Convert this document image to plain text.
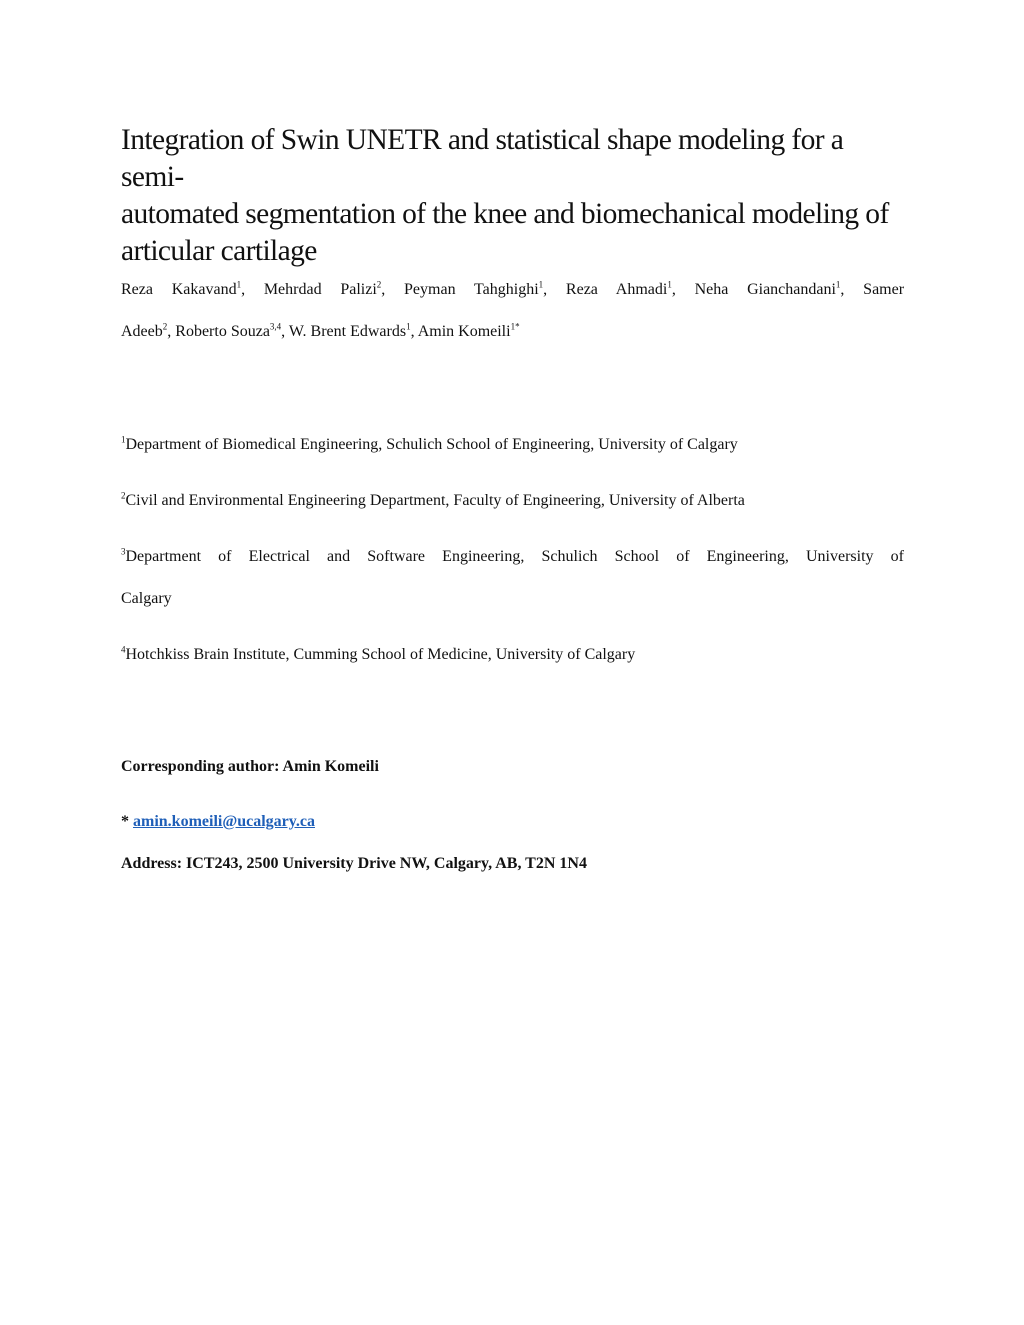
Integration of Swin UNETR and statistical shape modeling for a semi-
automated segmentation of the knee and biomechanical modeling of
articular cartilage
Reza Kakavand$^1$, Mehrdad Palizi$^2$, Peyman Tahghighi$^1$, Reza Ahmadi$^1$, Neha Gianchandani$^1$, Samer
Adeeb$^2$, Roberto Souza$^{3,4}$, W. Brent Edwards$^1$, Amin Komeili$^{1*}$
$^1$Department of Biomedical Engineering, Schulich School of Engineering, University of Calgary
$^2$Civil and Environmental Engineering Department, Faculty of Engineering, University of Alberta
$^3$Department of Electrical and Software Engineering, Schulich School of Engineering, University of
Calgary
$^4$Hotchkiss Brain Institute, Cumming School of Medicine, University of Calgary

Corresponding author: Amin Komeili

* amin.komeili@ucalgary.ca

Address: ICT243, 2500 University Drive NW, Calgary, AB, T2N 1N4
